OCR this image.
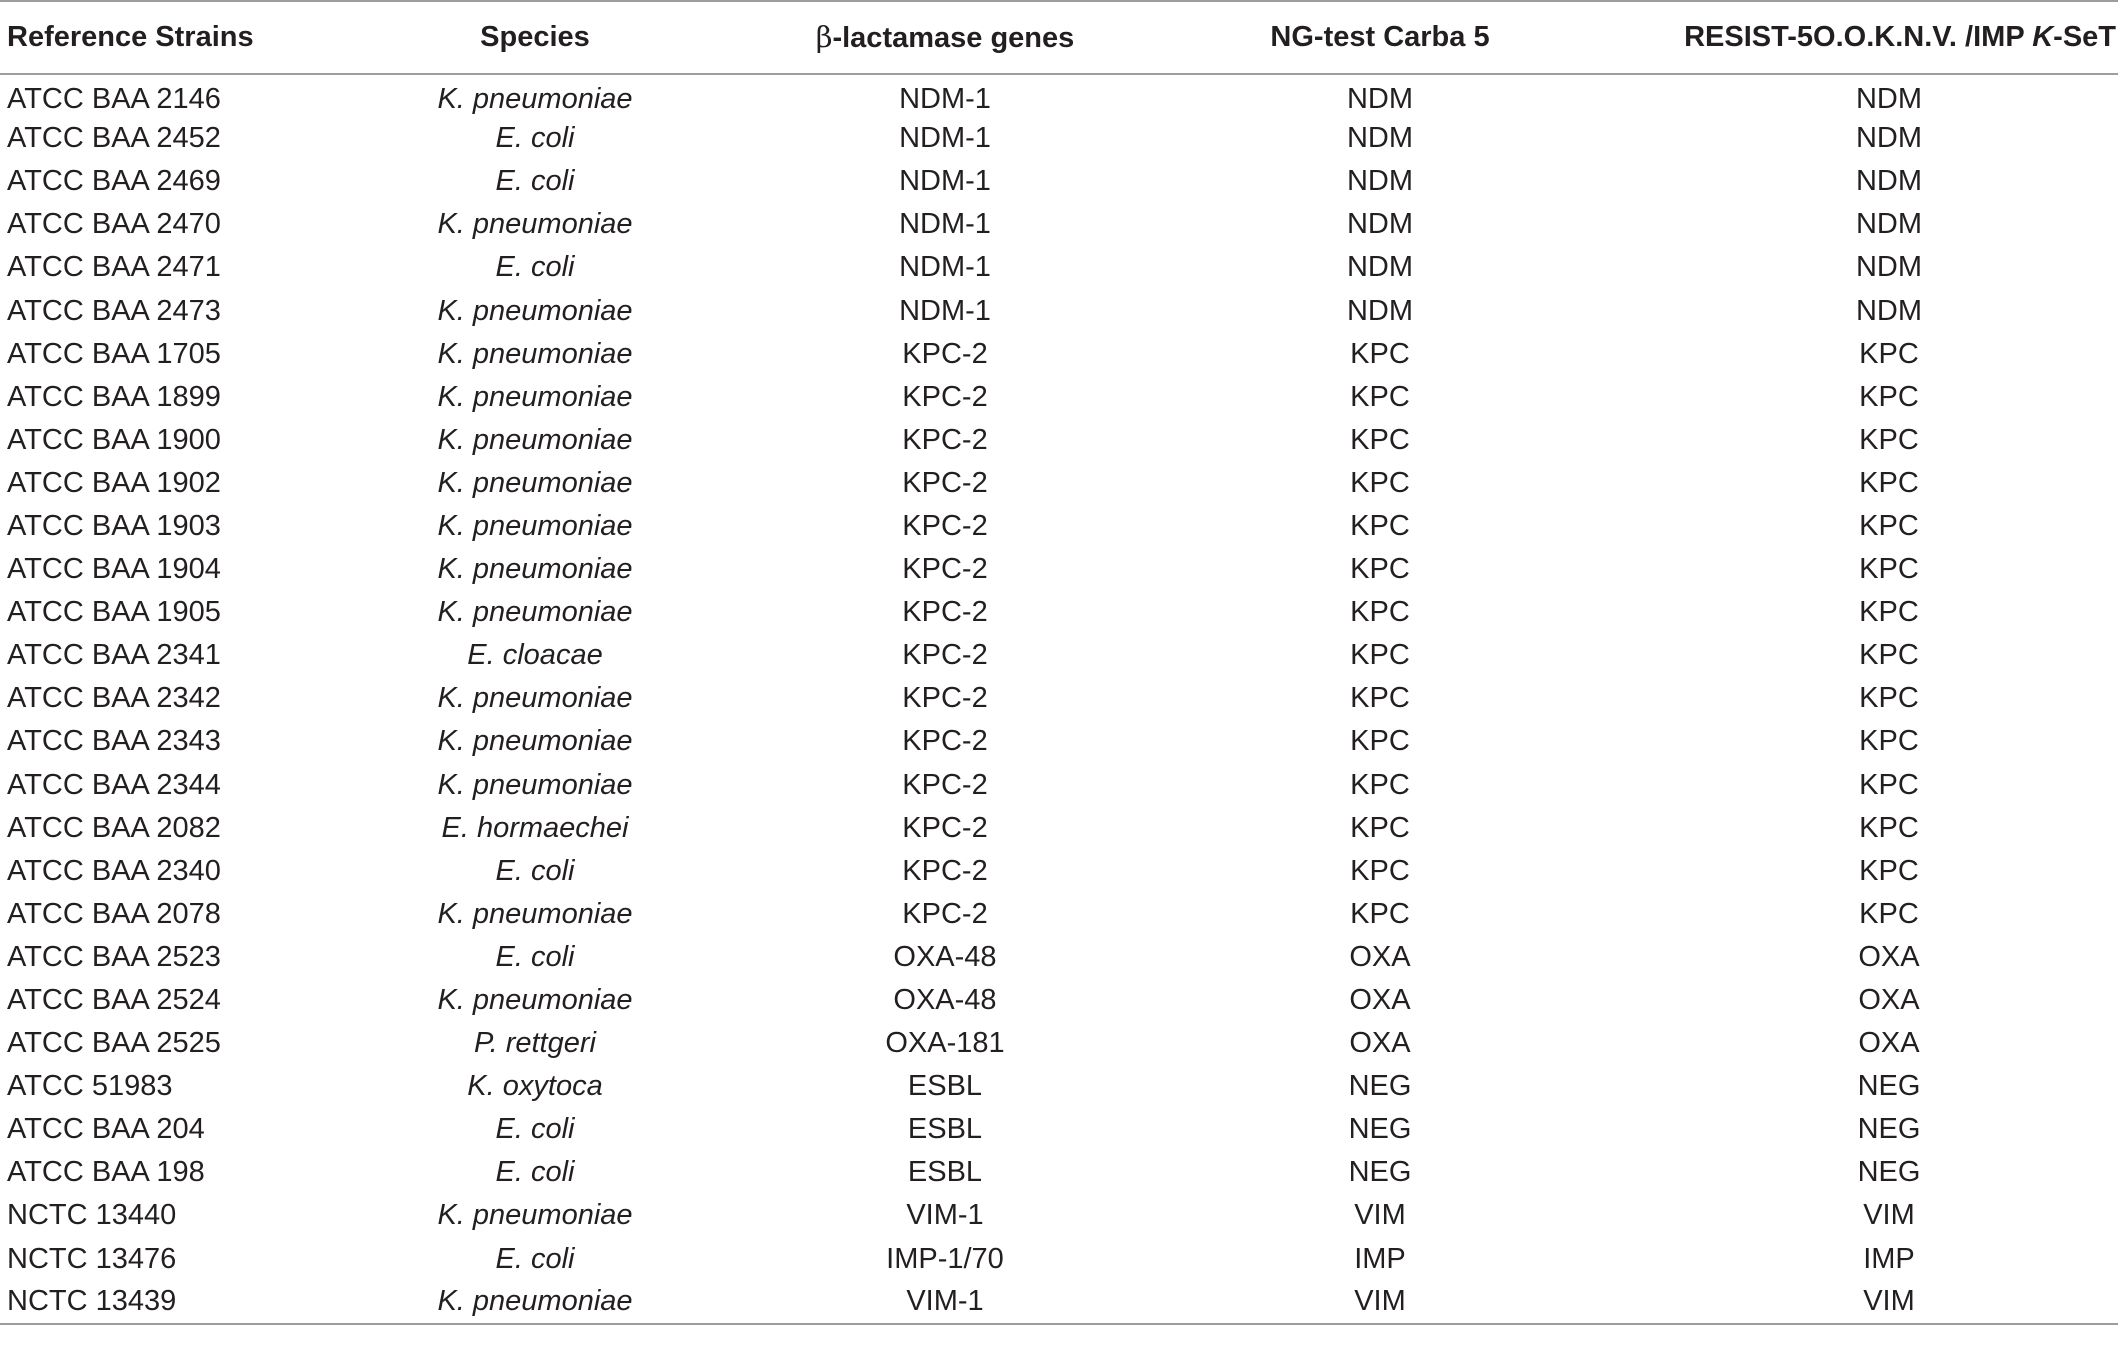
Reference Strains	Species	β-lactamase genes	NG-test Carba 5	RESIST-5O.O.K.N.V. /IMP K-SeT
ATCC BAA 2146	K. pneumoniae	NDM-1	NDM	NDM
ATCC BAA 2452	E. coli	NDM-1	NDM	NDM
ATCC BAA 2469	E. coli	NDM-1	NDM	NDM
ATCC BAA 2470	K. pneumoniae	NDM-1	NDM	NDM
ATCC BAA 2471	E. coli	NDM-1	NDM	NDM
ATCC BAA 2473	K. pneumoniae	NDM-1	NDM	NDM
ATCC BAA 1705	K. pneumoniae	KPC-2	KPC	KPC
ATCC BAA 1899	K. pneumoniae	KPC-2	KPC	KPC
ATCC BAA 1900	K. pneumoniae	KPC-2	KPC	KPC
ATCC BAA 1902	K. pneumoniae	KPC-2	KPC	KPC
ATCC BAA 1903	K. pneumoniae	KPC-2	KPC	KPC
ATCC BAA 1904	K. pneumoniae	KPC-2	KPC	KPC
ATCC BAA 1905	K. pneumoniae	KPC-2	KPC	KPC
ATCC BAA 2341	E. cloacae	KPC-2	KPC	KPC
ATCC BAA 2342	K. pneumoniae	KPC-2	KPC	KPC
ATCC BAA 2343	K. pneumoniae	KPC-2	KPC	KPC
ATCC BAA 2344	K. pneumoniae	KPC-2	KPC	KPC
ATCC BAA 2082	E. hormaechei	KPC-2	KPC	KPC
ATCC BAA 2340	E. coli	KPC-2	KPC	KPC
ATCC BAA 2078	K. pneumoniae	KPC-2	KPC	KPC
ATCC BAA 2523	E. coli	OXA-48	OXA	OXA
ATCC BAA 2524	K. pneumoniae	OXA-48	OXA	OXA
ATCC BAA 2525	P. rettgeri	OXA-181	OXA	OXA
ATCC 51983	K. oxytoca	ESBL	NEG	NEG
ATCC BAA 204	E. coli	ESBL	NEG	NEG
ATCC BAA 198	E. coli	ESBL	NEG	NEG
NCTC 13440	K. pneumoniae	VIM-1	VIM	VIM
NCTC 13476	E. coli	IMP-1/70	IMP	IMP
NCTC 13439	K. pneumoniae	VIM-1	VIM	VIM
